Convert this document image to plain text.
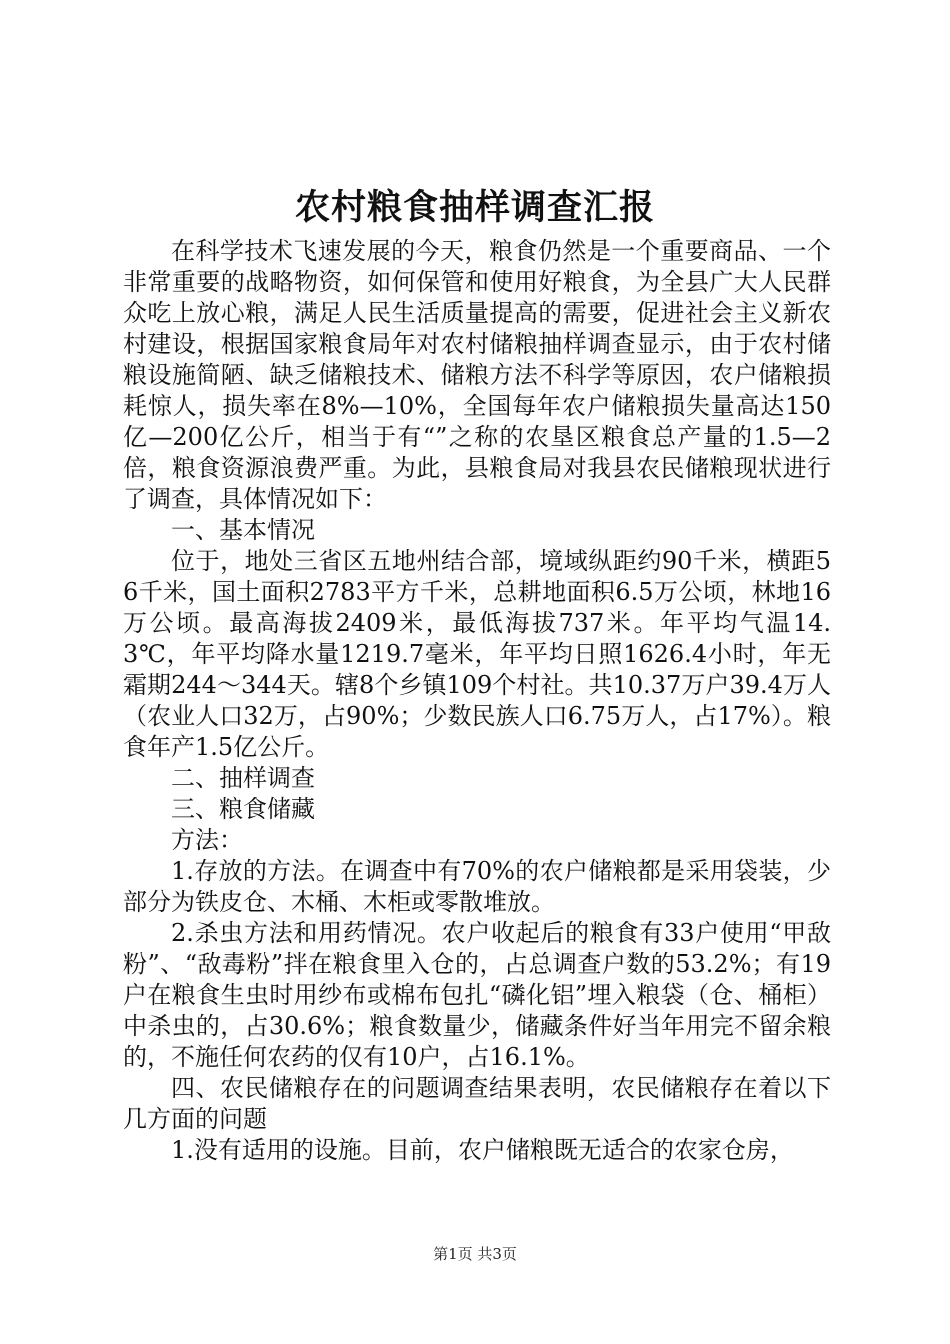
农村粮食抽样调查汇报

在科学技术飞速发展的今天，粮食仍然是一个重要商品、一个非常重要的战略物资，如何保管和使用好粮食，为全县广大人民群众吃上放心粮，满足人民生活质量提高的需要，促进社会主义新农村建设，根据国家粮食局年对农村储粮抽样调查显示，由于农村储粮设施简陋、缺乏储粮技术、储粮方法不科学等原因，农户储粮损耗惊人，损失率在8%—10%，全国每年农户储粮损失量高达150亿—200亿公斤，相当于有“”之称的农垦区粮食总产量的1.5—2倍，粮食资源浪费严重。为此，县粮食局对我县农民储粮现状进行了调查，具体情况如下：

一、基本情况

位于，地处三省区五地州结合部，境域纵距约90千米，横距56千米，国土面积2783平方千米，总耕地面积6.5万公顷，林地16万公顷。最高海拔2409米，最低海拔737米。年平均气温14.3℃，年平均降水量1219.7毫米，年平均日照1626.4小时，年无霜期244～344天。辖8个乡镇109个村社。共10.37万户39.4万人（农业人口32万，占90%；少数民族人口6.75万人，占17%）。粮食年产1.5亿公斤。

二、抽样调查

三、粮食储藏

方法：

1.存放的方法。在调查中有70%的农户储粮都是采用袋装，少部分为铁皮仓、木桶、木柜或零散堆放。

2.杀虫方法和用药情况。农户收起后的粮食有33户使用“甲敌粉”、“敌毒粉”拌在粮食里入仓的，占总调查户数的53.2%；有19户在粮食生虫时用纱布或棉布包扎“磷化铝”埋入粮袋（仓、桶柜）中杀虫的，占30.6%；粮食数量少，储藏条件好当年用完不留余粮的，不施任何农药的仅有10户，占16.1%。

四、农民储粮存在的问题调查结果表明，农民储粮存在着以下几方面的问题

1.没有适用的设施。目前，农户储粮既无适合的农家仓房，

第1页 共3页
